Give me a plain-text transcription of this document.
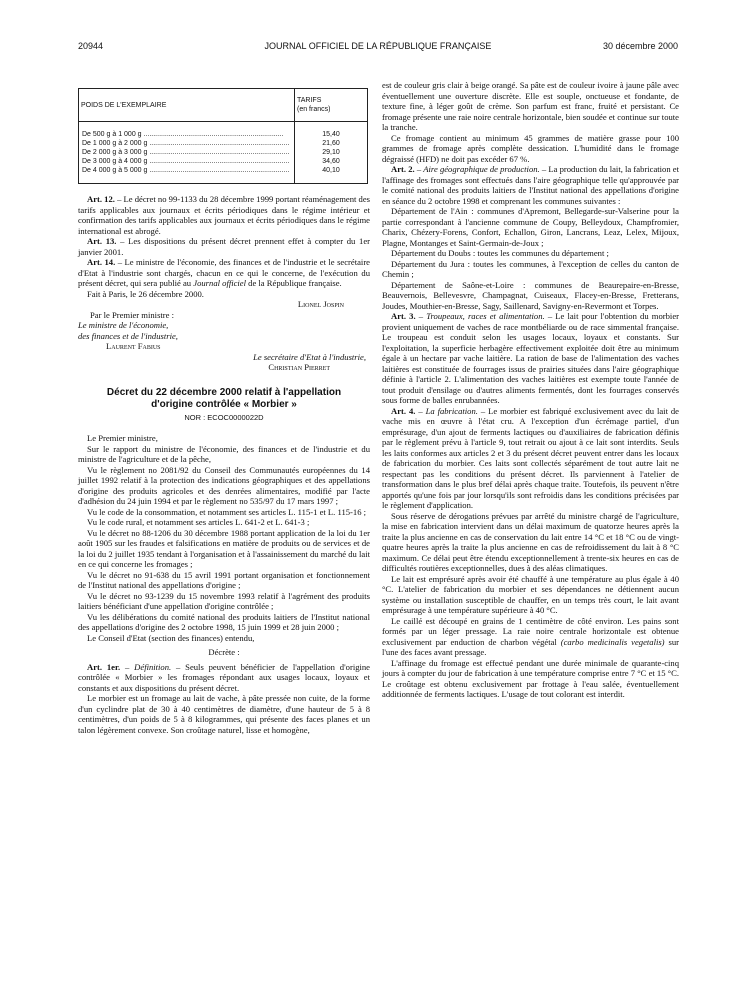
20944	JOURNAL OFFICIEL DE LA RÉPUBLIQUE FRANÇAISE	30 décembre 2000
POIDS DE L'EXEMPLAIRE	TARIFS
(en francs)
De 500 g à 1 000 g ........................................................................	15,40
De 1 000 g à 2 000 g ........................................................................	21,60
De 2 000 g à 3 000 g ........................................................................	29,10
De 3 000 g à 4 000 g ........................................................................	34,60
De 4 000 g à 5 000 g ........................................................................	40,10

Art. 12. – Le décret no 99-1133 du 28 décembre 1999 portant réaménagement des tarifs applicables aux journaux et écrits périodiques dans le régime intérieur et confirmation des tarifs applicables aux journaux et écrits périodiques dans le régime international est abrogé.

Art. 13. – Les dispositions du présent décret prennent effet à compter du 1er janvier 2001.

Art. 14. – Le ministre de l'économie, des finances et de l'industrie et le secrétaire d'Etat à l'industrie sont chargés, chacun en ce qui le concerne, de l'exécution du présent décret, qui sera publié au Journal officiel de la République française.

Fait à Paris, le 26 décembre 2000.

Lionel Jospin
Par le Premier ministre :
Le ministre de l'économie,
des finances et de l'industrie,
Laurent Fabius
Le secrétaire d'Etat à l'industrie,
Christian Pierret
Décret du 22 décembre 2000 relatif à l'appellation
d'origine contrôlée « Morbier »
NOR : ECOC0000022D

Le Premier ministre,

Sur le rapport du ministre de l'économie, des finances et de l'industrie et du ministre de l'agriculture et de la pêche,

Vu le règlement no 2081/92 du Conseil des Communautés européennes du 14 juillet 1992 relatif à la protection des indications géographiques et des appellations d'origine des produits agricoles et des denrées alimentaires, modifié par l'acte d'adhésion du 24 juin 1994 et par le règlement no 535/97 du 17 mars 1997 ;

Vu le code de la consommation, et notamment ses articles L. 115-1 et L. 115-16 ;

Vu le code rural, et notamment ses articles L. 641-2 et L. 641-3 ;

Vu le décret no 88-1206 du 30 décembre 1988 portant application de la loi du 1er août 1905 sur les fraudes et falsifications en matière de produits ou de services et de la loi du 2 juillet 1935 tendant à l'organisation et à l'assainissement du marché du lait en ce qui concerne les fromages ;

Vu le décret no 91-638 du 15 avril 1991 portant organisation et fonctionnement de l'Institut national des appellations d'origine ;

Vu le décret no 93-1239 du 15 novembre 1993 relatif à l'agrément des produits laitiers bénéficiant d'une appellation d'origine contrôlée ;

Vu les délibérations du comité national des produits laitiers de l'Institut national des appellations d'origine des 2 octobre 1998, 15 juin 1999 et 28 juin 2000 ;

Le Conseil d'Etat (section des finances) entendu,

Décrète :

Art. 1er. – Définition. – Seuls peuvent bénéficier de l'appellation d'origine contrôlée « Morbier » les fromages répondant aux usages locaux, loyaux et constants et aux dispositions du présent décret.

Le morbier est un fromage au lait de vache, à pâte pressée non cuite, de la forme d'un cyclindre plat de 30 à 40 centimètres de diamètre, d'une hauteur de 5 à 8 centimètres, d'un poids de 5 à 8 kilogrammes, qui présente des faces planes et un talon légèrement convexe. Son croûtage naturel, lisse et homogène,

est de couleur gris clair à beige orangé. Sa pâte est de couleur ivoire à jaune pâle avec éventuellement une ouverture discrète. Elle est souple, onctueuse et fondante, de texture fine, à léger goût de crème. Son parfum est franc, fruité et persistant. Ce fromage présente une raie noire centrale horizontale, bien soudée et continue sur toute la tranche.

Ce fromage contient au minimum 45 grammes de matière grasse pour 100 grammes de fromage après complète dessication. L'humidité dans le fromage dégraissé (HFD) ne doit pas excéder 67 %.

Art. 2. – Aire géographique de production. – La production du lait, la fabrication et l'affinage des fromages sont effectués dans l'aire géographique telle qu'approuvée par le comité national des produits laitiers de l'Institut national des appellations d'origine en séance du 2 octobre 1998 et comprenant les communes suivantes :

Département de l'Ain : communes d'Apremont, Bellegarde-sur-Valserine pour la partie correspondant à l'ancienne commune de Coupy, Belleydoux, Champfromier, Charix, Chézery-Forens, Confort, Echallon, Giron, Lancrans, Leaz, Lelex, Mijoux, Plagne, Montanges et Saint-Germain-de-Joux ;

Département du Doubs : toutes les communes du département ;

Département du Jura : toutes les communes, à l'exception de celles du canton de Chemin ;

Département de Saône-et-Loire : communes de Beaurepaire-en-Bresse, Beauvernois, Bellevesvre, Champagnat, Cuiseaux, Flacey-en-Bresse, Fretterans, Joudes, Mouthier-en-Bresse, Sagy, Saillenard, Savigny-en-Revermont et Torpes.

Art. 3. – Troupeaux, races et alimentation. – Le lait pour l'obtention du morbier provient uniquement de vaches de race montbéliarde ou de race simmental française. Le troupeau est conduit selon les usages locaux, loyaux et constants. Sur l'exploitation, la superficie herbagère effectivement exploitée doit être au minimum égale à un hectare par vache laitière. La ration de base de l'alimentation des vaches laitières est constituée de fourrages issus de prairies situées dans l'aire géographique définie à l'article 2. L'alimentation des vaches laitières est exempte toute l'année de tout produit d'ensilage ou d'autres aliments fermentés, dont les fourrages conservés sous forme de balles enrubannées.

Art. 4. – La fabrication. – Le morbier est fabriqué exclusivement avec du lait de vache mis en œuvre à l'état cru. A l'exception d'un écrémage partiel, d'un emprésurage, d'un ajout de ferments lactiques ou d'auxiliaires de fabrication définis par le règlement prévu à l'article 9, tout retrait ou ajout à ce lait sont interdits. Seuls les laits conformes aux articles 2 et 3 du présent décret peuvent entrer dans les locaux de fabrication du morbier. Ces laits sont collectés séparément de tout autre lait ne respectant pas les conditions du présent décret. Ils parviennent à l'atelier de transformation dans le plus bref délai après chaque traite. Toutefois, ils peuvent n'être apportés qu'une fois par jour lorsqu'ils sont refroidis dans les conditions précisées par le règlement d'application.

Sous réserve de dérogations prévues par arrêté du ministre chargé de l'agriculture, la mise en fabrication intervient dans un délai maximum de quatorze heures après la traite la plus ancienne en cas de conservation du lait entre 14 °C et 18 °C ou de vingt-quatre heures après la traite la plus ancienne en cas de refroidissement du lait à 8 °C maximum. Ce délai peut être étendu exceptionnellement à trente-six heures en cas de difficultés routières exceptionnelles, dues à des aléas climatiques.

Le lait est emprésuré après avoir été chauffé à une température au plus égale à 40 °C. L'atelier de fabrication du morbier et ses dépendances ne détiennent aucun système ou installation susceptible de chauffer, en un temps très court, le lait avant emprésurage à une température supérieure à 40 °C.

Le caillé est découpé en grains de 1 centimètre de côté environ. Les pains sont formés par un léger pressage. La raie noire centrale horizontale est obtenue exclusivement par enduction de charbon végétal (carbo medicinalis vegetalis) sur l'une des faces avant pressage.

L'affinage du fromage est effectué pendant une durée minimale de quarante-cinq jours à compter du jour de fabrication à une température comprise entre 7 °C et 15 °C. Le croûtage est obtenu exclusivement par frottage à l'eau salée, éventuellement additionnée de ferments lactiques. L'usage de tout colorant est interdit.
